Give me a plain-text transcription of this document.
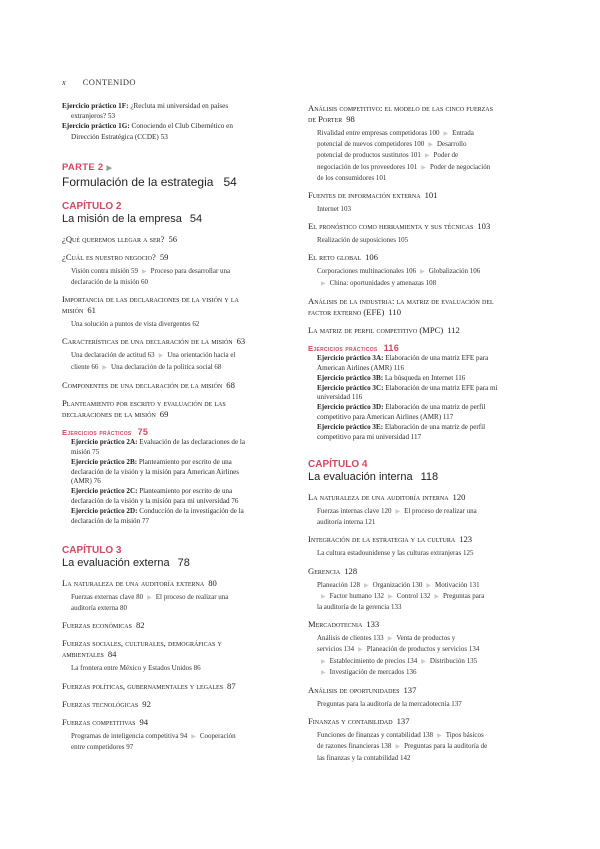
x CONTENIDO

Ejercicio práctico 1F: ¿Recluta mi universidad en países

extranjeros? 53

Ejercicio práctico 1G: Conociendo el Club Cibernético en

Dirección Estratégica (CCDE) 53

PARTE 2 ▶
Formulación de la estrategia 54
CAPÍTULO 2
La misión de la empresa 54
¿Qué queremos llegar a ser? 56
¿Cuál es nuestro negocio? 59

Visión contra misión 59 ▶ Proceso para desarrollar una
declaración de la misión 60

Importancia de las declaraciones de la visión y la
misión 61

Una solución a puntos de vista divergentes 62

Características de una declaración de la misión 63

Una declaración de actitud 63 ▶ Una orientación hacia el
cliente 66 ▶ Una declaración de la política social 68

Componentes de una declaración de la misión 68
Planteamiento por escrito y evaluación de las
declaraciones de la misión 69
Ejercicios prácticos 75

Ejercicio práctico 2A: Evaluación de las declaraciones de la
misión 75

Ejercicio práctico 2B: Planteamiento por escrito de una
declaración de la visión y la misión para American Airlines
(AMR) 76

Ejercicio práctico 2C: Planteamiento por escrito de una
declaración de la visión y la misión para mi universidad 76

Ejercicio práctico 2D: Conducción de la investigación de la
declaración de la misión 77

CAPÍTULO 3
La evaluación externa 78
La naturaleza de una auditoría externa 80

Fuerzas externas clave 80 ▶ El proceso de realizar una
auditoría externa 80

Fuerzas económicas 82
Fuerzas sociales, culturales, demográficas y
ambientales 84

La frontera entre México y Estados Unidos 86

Fuerzas políticas, gubernamentales y legales 87
Fuerzas tecnológicas 92
Fuerzas competitivas 94

Programas de inteligencia competitiva 94 ▶ Cooperación
entre competidores 97

Análisis competitivo: el modelo de las cinco fuerzas
de Porter 98

Rivalidad entre empresas competidoras 100 ▶ Entrada
potencial de nuevos competidores 100 ▶ Desarrollo
potencial de productos sustitutos 101 ▶ Poder de
negociación de los proveedores 101 ▶ Poder de negociación
de los consumidores 101

Fuentes de información externa 101

Internet 103

El pronóstico como herramienta y sus técnicas 103

Realización de suposiciones 105

El reto global 106

Corporaciones multinacionales 106 ▶ Globalización 106
▶ China: oportunidades y amenazas 108

Análisis de la industria: la matriz de evaluación del
factor externo (EFE) 110
La matriz de perfil competitivo (MPC) 112
Ejercicios prácticos 116

Ejercicio práctico 3A: Elaboración de una matriz EFE para
American Airlines (AMR) 116

Ejercicio práctico 3B: La búsqueda en Internet 116

Ejercicio práctico 3C: Elaboración de una matriz EFE para mi
universidad 116

Ejercicio práctico 3D: Elaboración de una matriz de perfil
competitivo para American Airlines (AMR) 117

Ejercicio práctico 3E: Elaboración de una matriz de perfil
competitivo para mi universidad 117

CAPÍTULO 4
La evaluación interna 118
La naturaleza de una auditoría interna 120

Fuerzas internas clave 120 ▶ El proceso de realizar una
auditoría interna 121

Integración de la estrategia y la cultura 123

La cultura estadounidense y las culturas extranjeras 125

Gerencia 128

Planeación 128 ▶ Organización 130 ▶ Motivación 131
▶ Factor humano 132 ▶ Control 132 ▶ Preguntas para
la auditoría de la gerencia 133

Mercadotecnia 133

Análisis de clientes 133 ▶ Venta de productos y
servicios 134 ▶ Planeación de productos y servicios 134
▶ Establecimiento de precios 134 ▶ Distribución 135
▶ Investigación de mercados 136

Análisis de oportunidades 137

Preguntas para la auditoría de la mercadotecnia 137

Finanzas y contabilidad 137

Funciones de finanzas y contabilidad 138 ▶ Tipos básicos
de razones financieras 138 ▶ Preguntas para la auditoría de
las finanzas y la contabilidad 142
